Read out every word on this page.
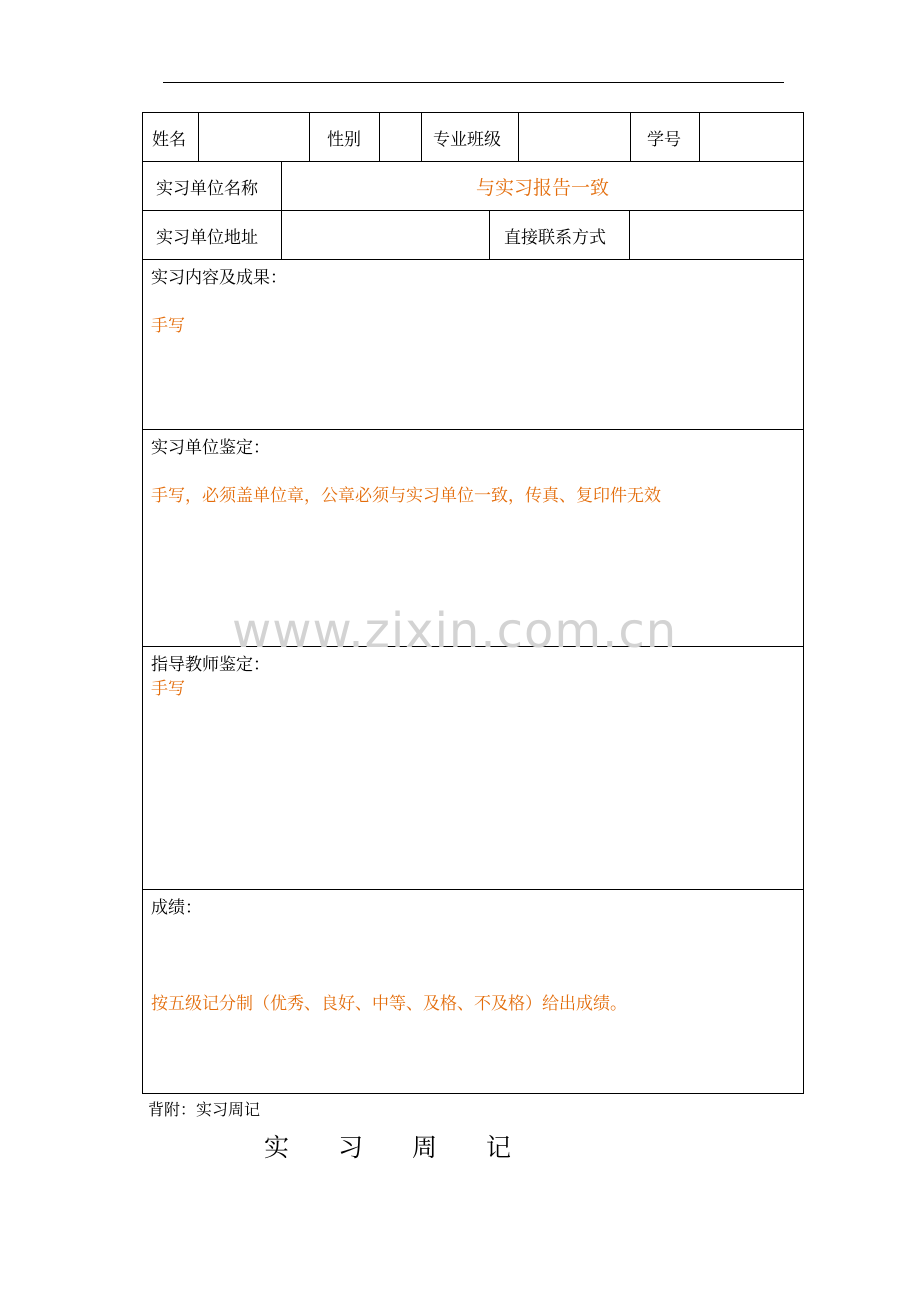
姓名	性别	专业班级	学号
实习单位名称	与实习报告一致
实习单位地址	直接联系方式
实习内容及成果：
手写
实习单位鉴定：
手写，必须盖单位章，公章必须与实习单位一致，传真、复印件无效
指导教师鉴定：
手写
成绩：
按五级记分制（优秀、良好、中等、及格、不及格）给出成绩。
www.zixin.com.cn
背附：实习周记
实 习 周 记
